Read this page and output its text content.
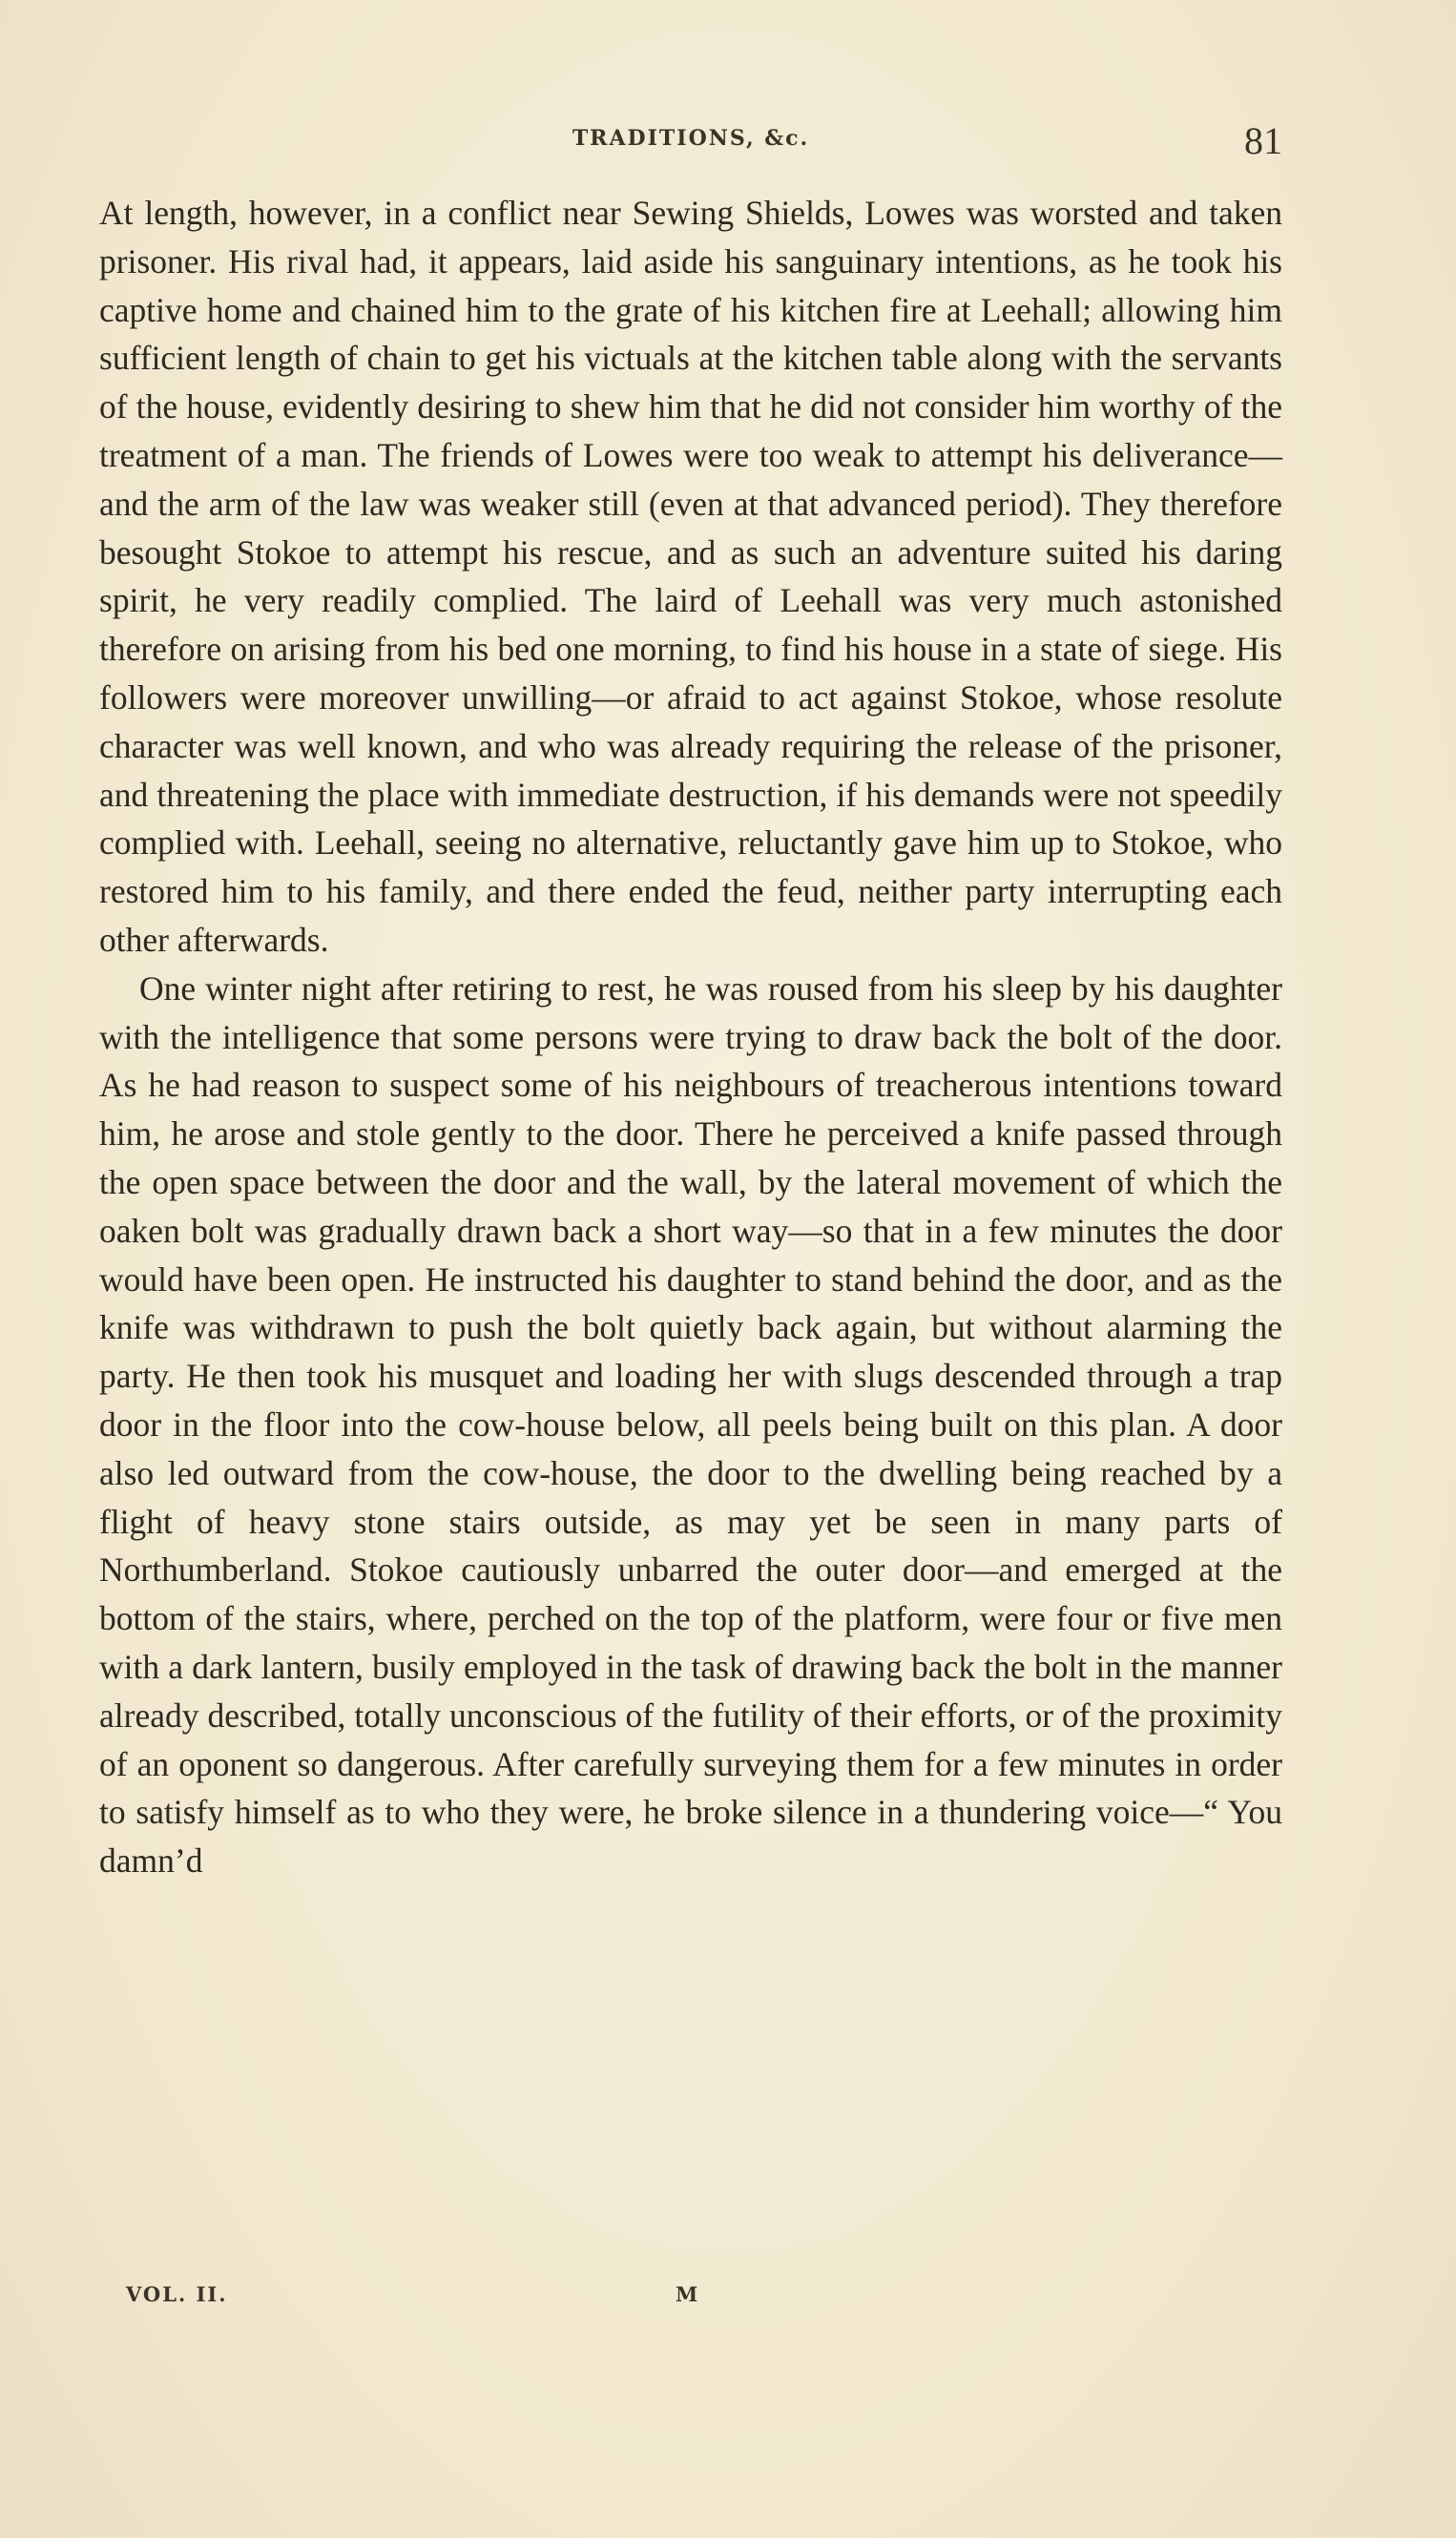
TRADITIONS, &c.	81

At length, however, in a conflict near Sewing Shields, Lowes was worsted and taken prisoner. His rival had, it appears, laid aside his sanguinary intentions, as he took his captive home and chained him to the grate of his kitchen fire at Leehall; allowing him sufficient length of chain to get his victuals at the kitchen table along with the servants of the house, evidently desiring to shew him that he did not consider him worthy of the treatment of a man. The friends of Lowes were too weak to attempt his deliverance—and the arm of the law was weaker still (even at that advanced period). They therefore besought Stokoe to attempt his rescue, and as such an adventure suited his daring spirit, he very readily complied. The laird of Leehall was very much astonished therefore on arising from his bed one morning, to find his house in a state of siege. His followers were moreover unwilling—or afraid to act against Stokoe, whose resolute character was well known, and who was already requiring the release of the prisoner, and threatening the place with immediate destruction, if his demands were not speedily complied with. Leehall, seeing no alternative, reluctantly gave him up to Stokoe, who restored him to his family, and there ended the feud, neither party interrupting each other afterwards.

One winter night after retiring to rest, he was roused from his sleep by his daughter with the intelligence that some persons were trying to draw back the bolt of the door. As he had reason to suspect some of his neighbours of treacherous intentions toward him, he arose and stole gently to the door. There he perceived a knife passed through the open space between the door and the wall, by the lateral movement of which the oaken bolt was gradually drawn back a short way—so that in a few minutes the door would have been open. He instructed his daughter to stand behind the door, and as the knife was withdrawn to push the bolt quietly back again, but without alarming the party. He then took his musquet and loading her with slugs descended through a trap door in the floor into the cow-house below, all peels being built on this plan. A door also led outward from the cow-house, the door to the dwelling being reached by a flight of heavy stone stairs outside, as may yet be seen in many parts of Northumberland. Stokoe cautiously unbarred the outer door—and emerged at the bottom of the stairs, where, perched on the top of the platform, were four or five men with a dark lantern, busily employed in the task of drawing back the bolt in the manner already described, totally unconscious of the futility of their efforts, or of the proximity of an oponent so dangerous. After carefully surveying them for a few minutes in order to satisfy himself as to who they were, he broke silence in a thundering voice—“ You damn’d

VOL. II.	M
